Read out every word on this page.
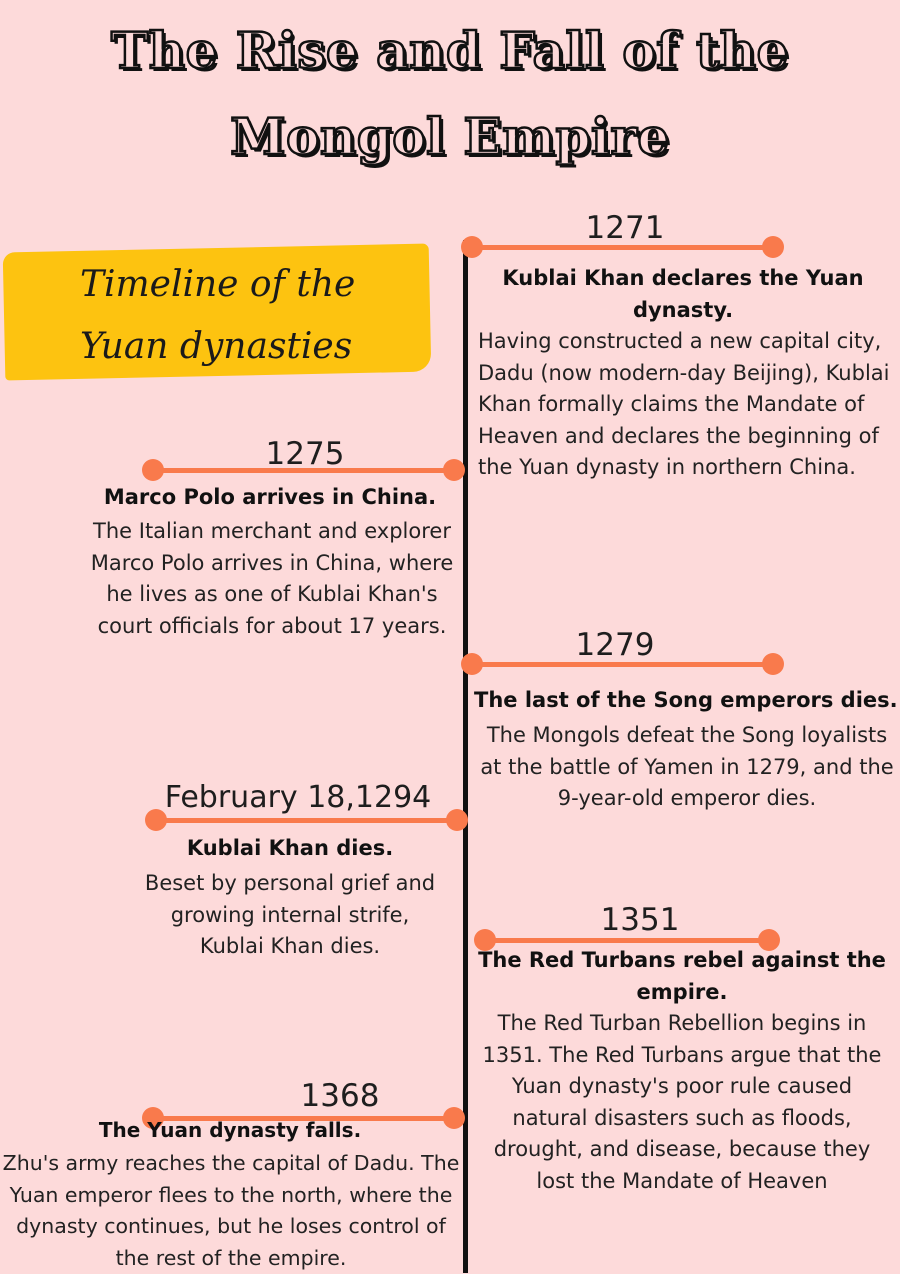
The Rise and Fall of the
Mongol Empire
Timeline of the
Yuan dynasties
1271
Kublai Khan declares the Yuan dynasty.
Having constructed a new capital city, Dadu (now modern-day Beijing), Kublai Khan formally claims the Mandate of Heaven and declares the beginning of the Yuan dynasty in northern China.
1275
Marco Polo arrives in China.
The Italian merchant and explorer Marco Polo arrives in China, where he lives as one of Kublai Khan's court officials for about 17 years.
1279
The last of the Song emperors dies.
The Mongols defeat the Song loyalists at the battle of Yamen in 1279, and the 9-year-old emperor dies.
February 18,1294
Kublai Khan dies.
Beset by personal grief and growing internal strife, Kublai Khan dies.
1351
The Red Turbans rebel against the empire.
The Red Turban Rebellion begins in 1351. The Red Turbans argue that the Yuan dynasty's poor rule caused natural disasters such as floods, drought, and disease, because they lost the Mandate of Heaven
1368
The Yuan dynasty falls.
Zhu's army reaches the capital of Dadu. The Yuan emperor flees to the north, where the dynasty continues, but he loses control of the rest of the empire.
